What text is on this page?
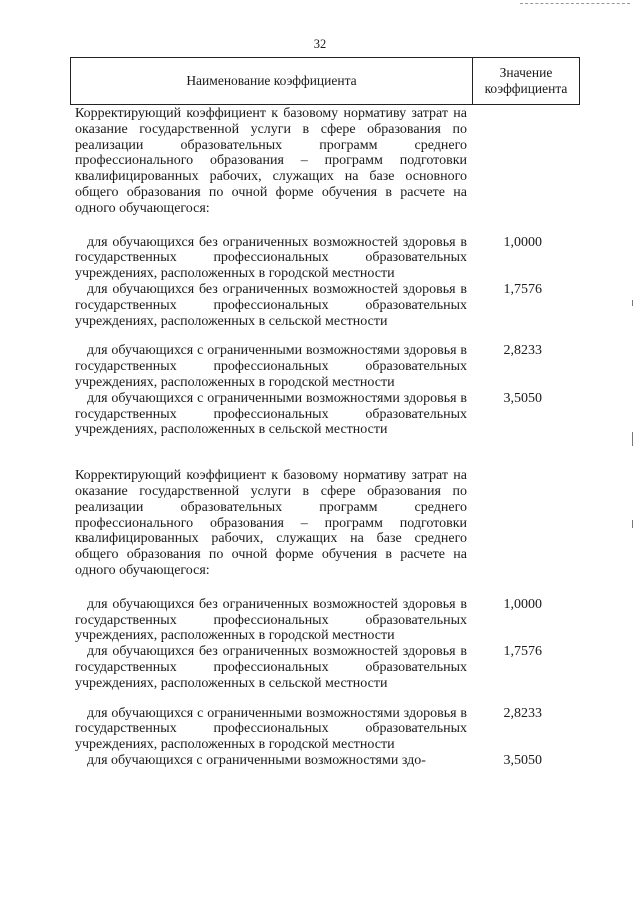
32
Наименование коэффициента
Значение
коэффициента
Корректирующий коэффициент к базовому нормативу затрат на оказание государственной услуги в сфере образования по реализации образовательных программ среднего профессионального образования – программ подготовки квалифицированных рабочих, служащих на базе основного общего образования по очной форме обучения в расчете на одного обучающегося:
для обучающихся без ограниченных возможностей здоровья в государственных профессиональных образовательных учреждениях, расположенных в городской местности
1,0000
для обучающихся без ограниченных возможностей здоровья в государственных профессиональных образовательных учреждениях, расположенных в сельской местности
1,7576
для обучающихся с ограниченными возможностями здоровья в государственных профессиональных образовательных учреждениях, расположенных в городской местности
2,8233
для обучающихся с ограниченными возможностями здоровья в государственных профессиональных образовательных учреждениях, расположенных в сельской местности
3,5050
Корректирующий коэффициент к базовому нормативу затрат на оказание государственной услуги в сфере образования по реализации образовательных программ среднего профессионального образования – программ подготовки квалифицированных рабочих, служащих на базе среднего общего образования по очной форме обучения в расчете на одного обучающегося:
для обучающихся без ограниченных возможностей здоровья в государственных профессиональных образовательных учреждениях, расположенных в городской местности
1,0000
для обучающихся без ограниченных возможностей здоровья в государственных профессиональных образовательных учреждениях, расположенных в сельской местности
1,7576
для обучающихся с ограниченными возможностями здоровья в государственных профессиональных образовательных учреждениях, расположенных в городской местности
2,8233
для обучающихся с ограниченными возможностями здо-	3,5050
